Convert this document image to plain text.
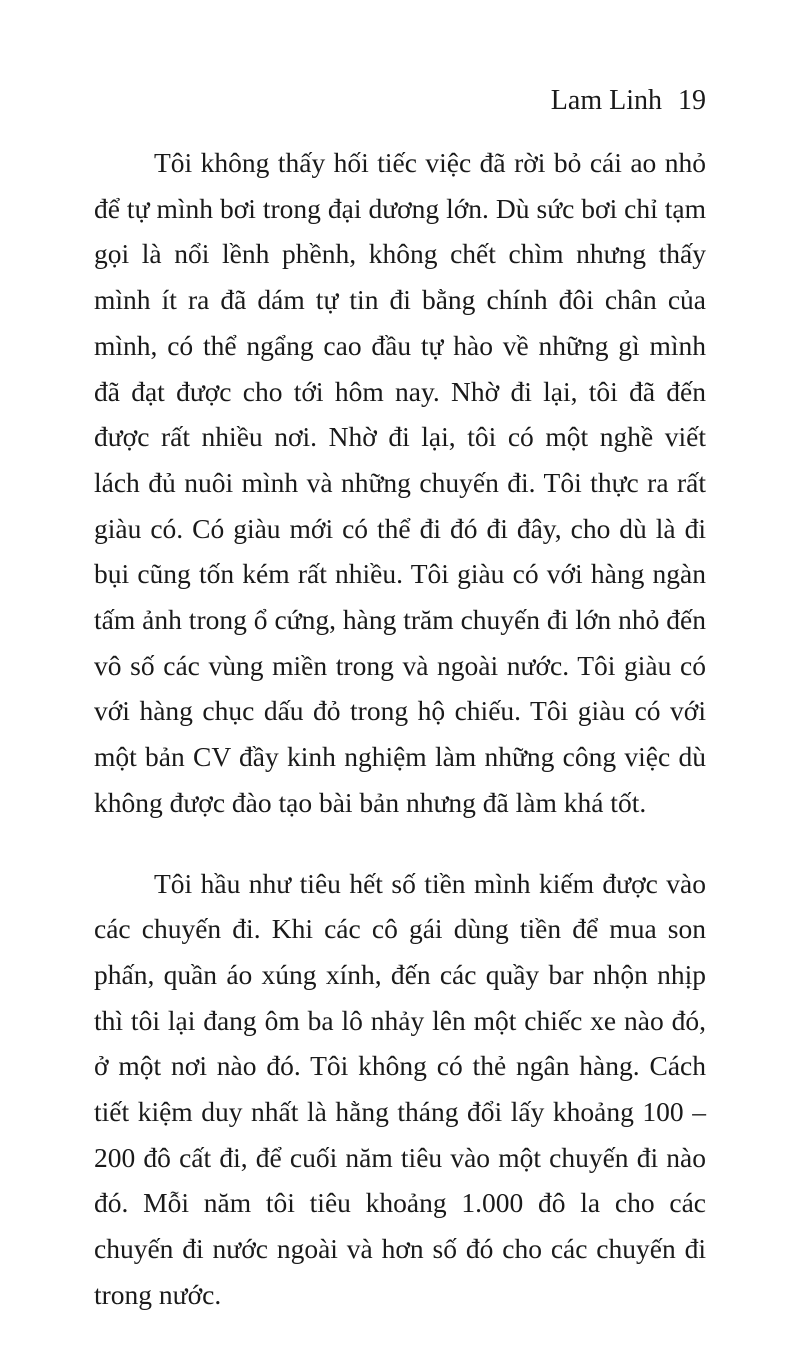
Lam Linh 19

Tôi không thấy hối tiếc việc đã rời bỏ cái ao nhỏ để tự mình bơi trong đại dương lớn. Dù sức bơi chỉ tạm gọi là nổi lềnh phềnh, không chết chìm nhưng thấy mình ít ra đã dám tự tin đi bằng chính đôi chân của mình, có thể ngẩng cao đầu tự hào về những gì mình đã đạt được cho tới hôm nay. Nhờ đi lại, tôi đã đến được rất nhiều nơi. Nhờ đi lại, tôi có một nghề viết lách đủ nuôi mình và những chuyến đi. Tôi thực ra rất giàu có. Có giàu mới có thể đi đó đi đây, cho dù là đi bụi cũng tốn kém rất nhiều. Tôi giàu có với hàng ngàn tấm ảnh trong ổ cứng, hàng trăm chuyến đi lớn nhỏ đến vô số các vùng miền trong và ngoài nước. Tôi giàu có với hàng chục dấu đỏ trong hộ chiếu. Tôi giàu có với một bản CV đầy kinh nghiệm làm những công việc dù không được đào tạo bài bản nhưng đã làm khá tốt.

Tôi hầu như tiêu hết số tiền mình kiếm được vào các chuyến đi. Khi các cô gái dùng tiền để mua son phấn, quần áo xúng xính, đến các quầy bar nhộn nhịp thì tôi lại đang ôm ba lô nhảy lên một chiếc xe nào đó, ở một nơi nào đó. Tôi không có thẻ ngân hàng. Cách tiết kiệm duy nhất là hằng tháng đổi lấy khoảng 100 – 200 đô cất đi, để cuối năm tiêu vào một chuyến đi nào đó. Mỗi năm tôi tiêu khoảng 1.000 đô la cho các chuyến đi nước ngoài và hơn số đó cho các chuyến đi trong nước.
